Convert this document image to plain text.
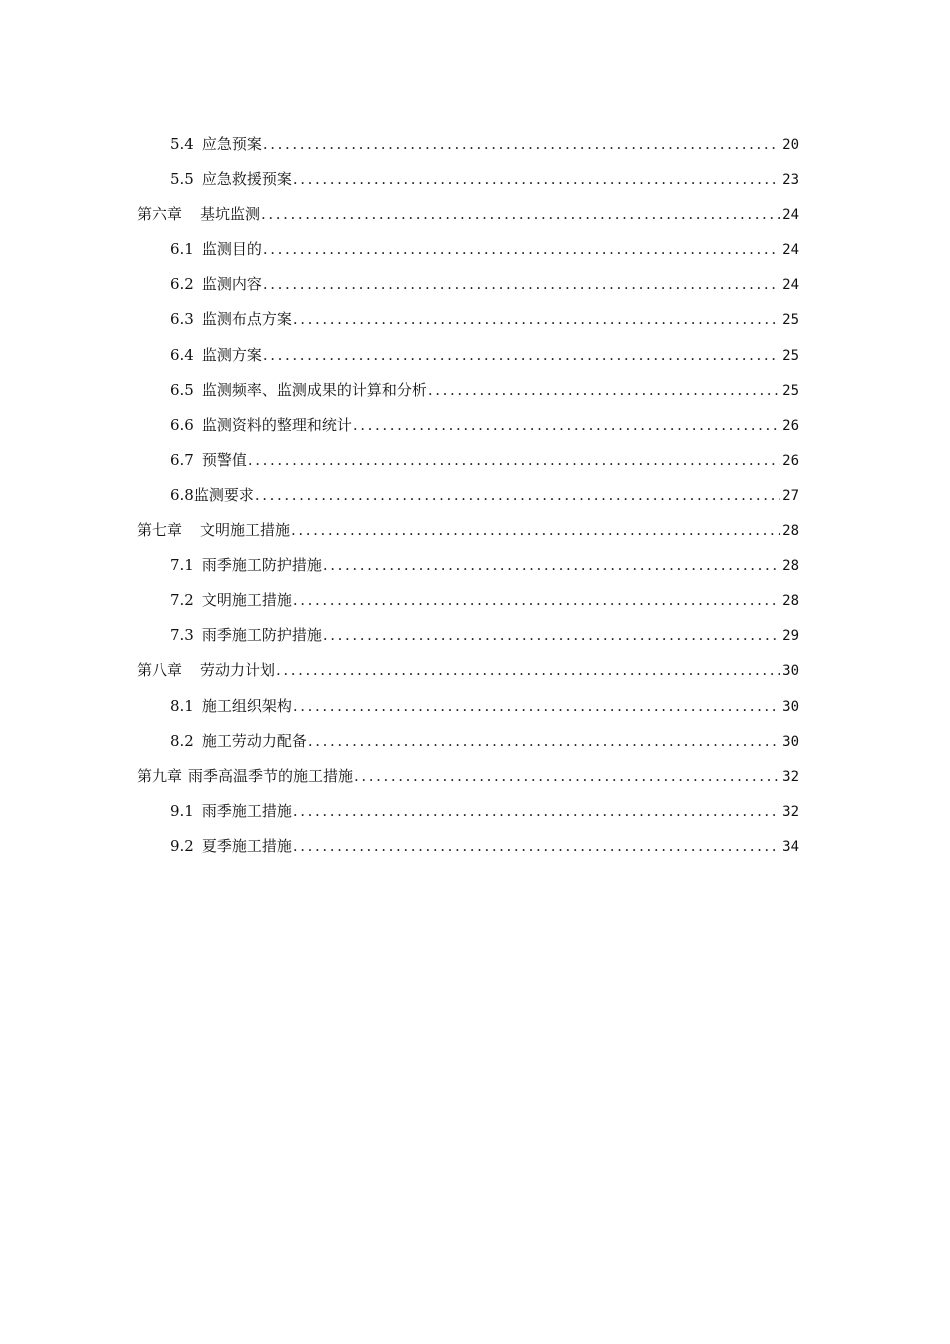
5.4 应急预案 .....	20
5.5 应急救援预案 .....	23
第六章 基坑监测 .....	24
6.1 监测目的 .....	24
6.2 监测内容 .....	24
6.3 监测布点方案 .....	25
6.4 监测方案 .....	25
6.5 监测频率、监测成果的计算和分析 .....	25
6.6 监测资料的整理和统计 .....	26
6.7 预警值 .....	26
6.8 监测要求 .....	27
第七章 文明施工措施 .....	28
7.1 雨季施工防护措施 .....	28
7.2 文明施工措施 .....	28
7.3 雨季施工防护措施 .....	29
第八章 劳动力计划 .....	30
8.1 施工组织架构 .....	30
8.2 施工劳动力配备 .....	30
第九章 雨季高温季节的施工措施 .....	32
9.1 雨季施工措施 .....	32
9.2 夏季施工措施 .....	34
